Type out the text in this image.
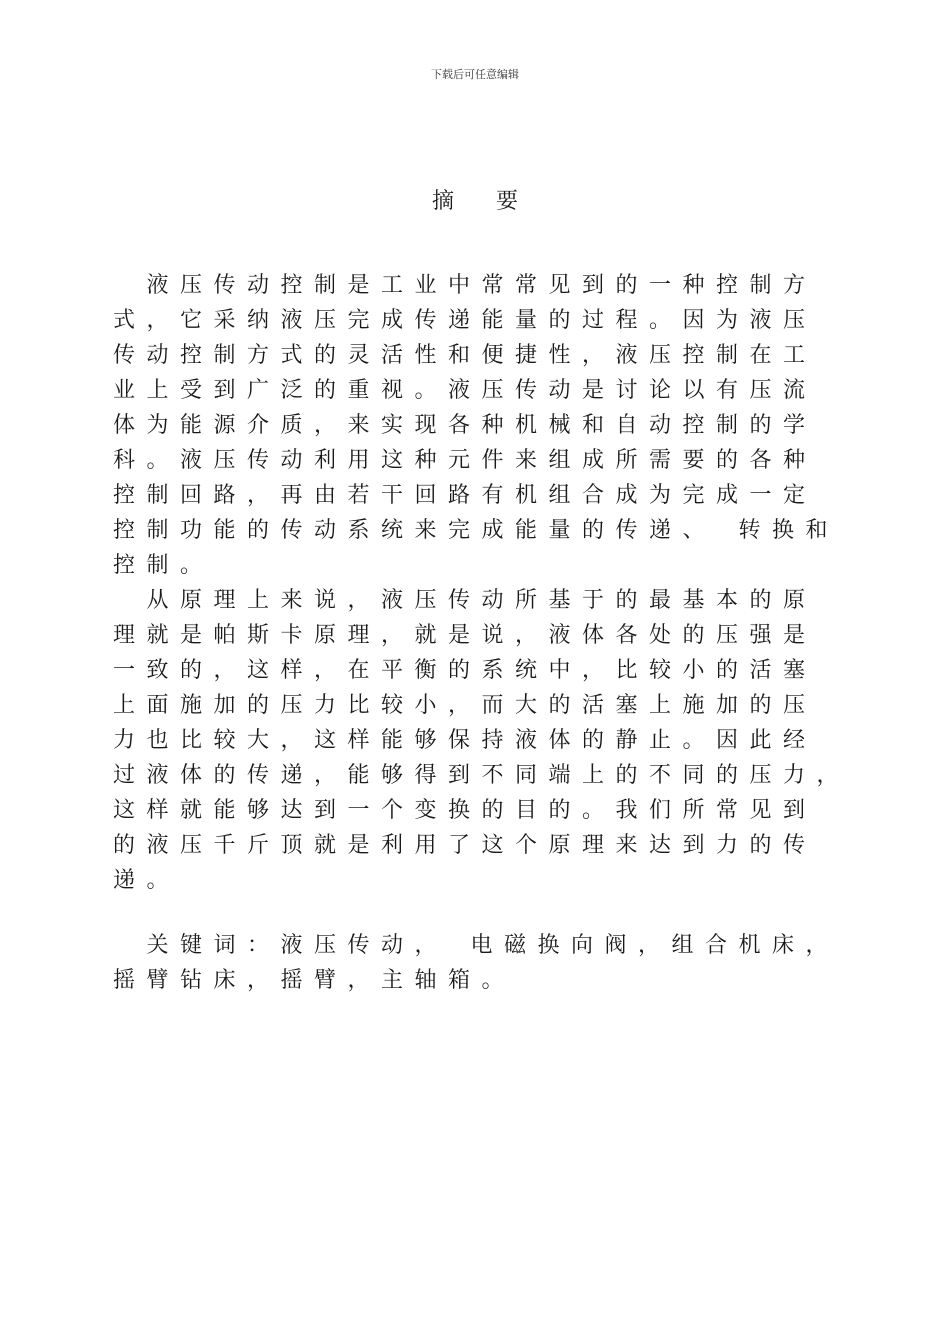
下载后可任意编辑
摘要
　液压传动控制是工业中常常见到的一种控制方
式，它采纳液压完成传递能量的过程。因为液压
传动控制方式的灵活性和便捷性，液压控制在工
业上受到广泛的重视。液压传动是讨论以有压流
体为能源介质，来实现各种机械和自动控制的学
科。液压传动利用这种元件来组成所需要的各种
控制回路，再由若干回路有机组合成为完成一定
控制功能的传动系统来完成能量的传递、　转换和
控制。
　从原理上来说，液压传动所基于的最基本的原
理就是帕斯卡原理，就是说，液体各处的压强是
一致的，这样，在平衡的系统中，比较小的活塞
上面施加的压力比较小，而大的活塞上施加的压
力也比较大，这样能够保持液体的静止。因此经
过液体的传递，能够得到不同端上的不同的压力，
这样就能够达到一个变换的目的。我们所常见到
的液压千斤顶就是利用了这个原理来达到力的传
递。
　关键词：液压传动，　电磁换向阀，组合机床，
摇臂钻床，摇臂，主轴箱。
